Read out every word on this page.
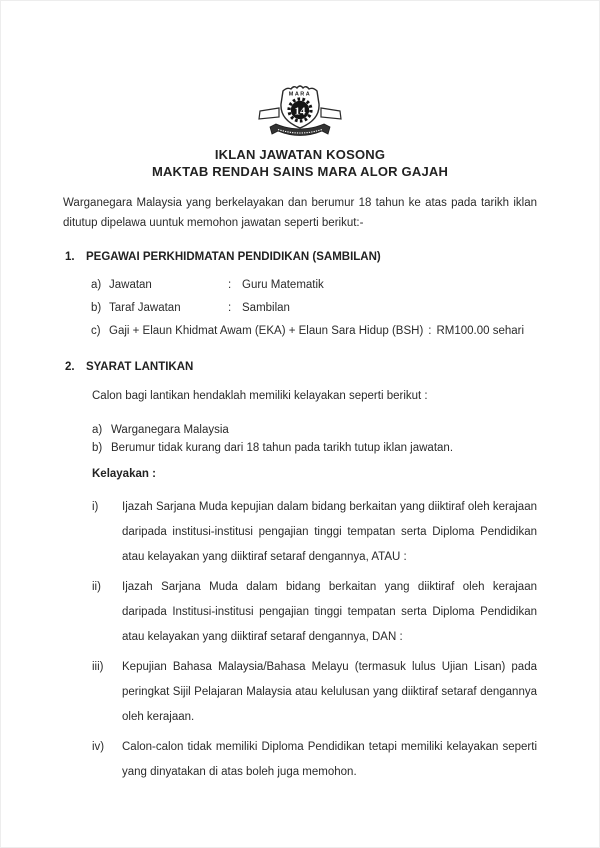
MARA
14
IKLAN JAWATAN KOSONG
MAKTAB RENDAH SAINS MARA ALOR GAJAH

Warganegara Malaysia yang berkelayakan dan berumur 18 tahun ke atas pada tarikh iklan ditutup dipelawa uuntuk memohon jawatan seperti berikut:-

1. PEGAWAI PERKHIDMATAN PENDIDIKAN (SAMBILAN)
a) Jawatan	: Guru Matematik
b) Taraf Jawatan	: Sambilan
c) Gaji + Elaun Khidmat Awam (EKA) + Elaun Sara Hidup (BSH) : RM100.00 sehari
2. SYARAT LANTIKAN

Calon bagi lantikan hendaklah memiliki kelayakan seperti berikut :

a) Warganegara Malaysia
b) Berumur tidak kurang dari 18 tahun pada tarikh tutup iklan jawatan.
Kelayakan :
i)	Ijazah Sarjana Muda kepujian dalam bidang berkaitan yang diiktiraf oleh kerajaan daripada institusi-institusi pengajian tinggi tempatan serta Diploma Pendidikan atau kelayakan yang diiktiraf setaraf dengannya, ATAU :
ii)	Ijazah Sarjana Muda dalam bidang berkaitan yang diiktiraf oleh kerajaan daripada Institusi-institusi pengajian tinggi tempatan serta Diploma Pendidikan atau kelayakan yang diiktiraf setaraf dengannya, DAN :
iii)	Kepujian Bahasa Malaysia/Bahasa Melayu (termasuk lulus Ujian Lisan) pada peringkat Sijil Pelajaran Malaysia atau kelulusan yang diiktiraf setaraf dengannya oleh kerajaan.
iv)	Calon-calon tidak memiliki Diploma Pendidikan tetapi memiliki kelayakan seperti yang dinyatakan di atas boleh juga memohon.
